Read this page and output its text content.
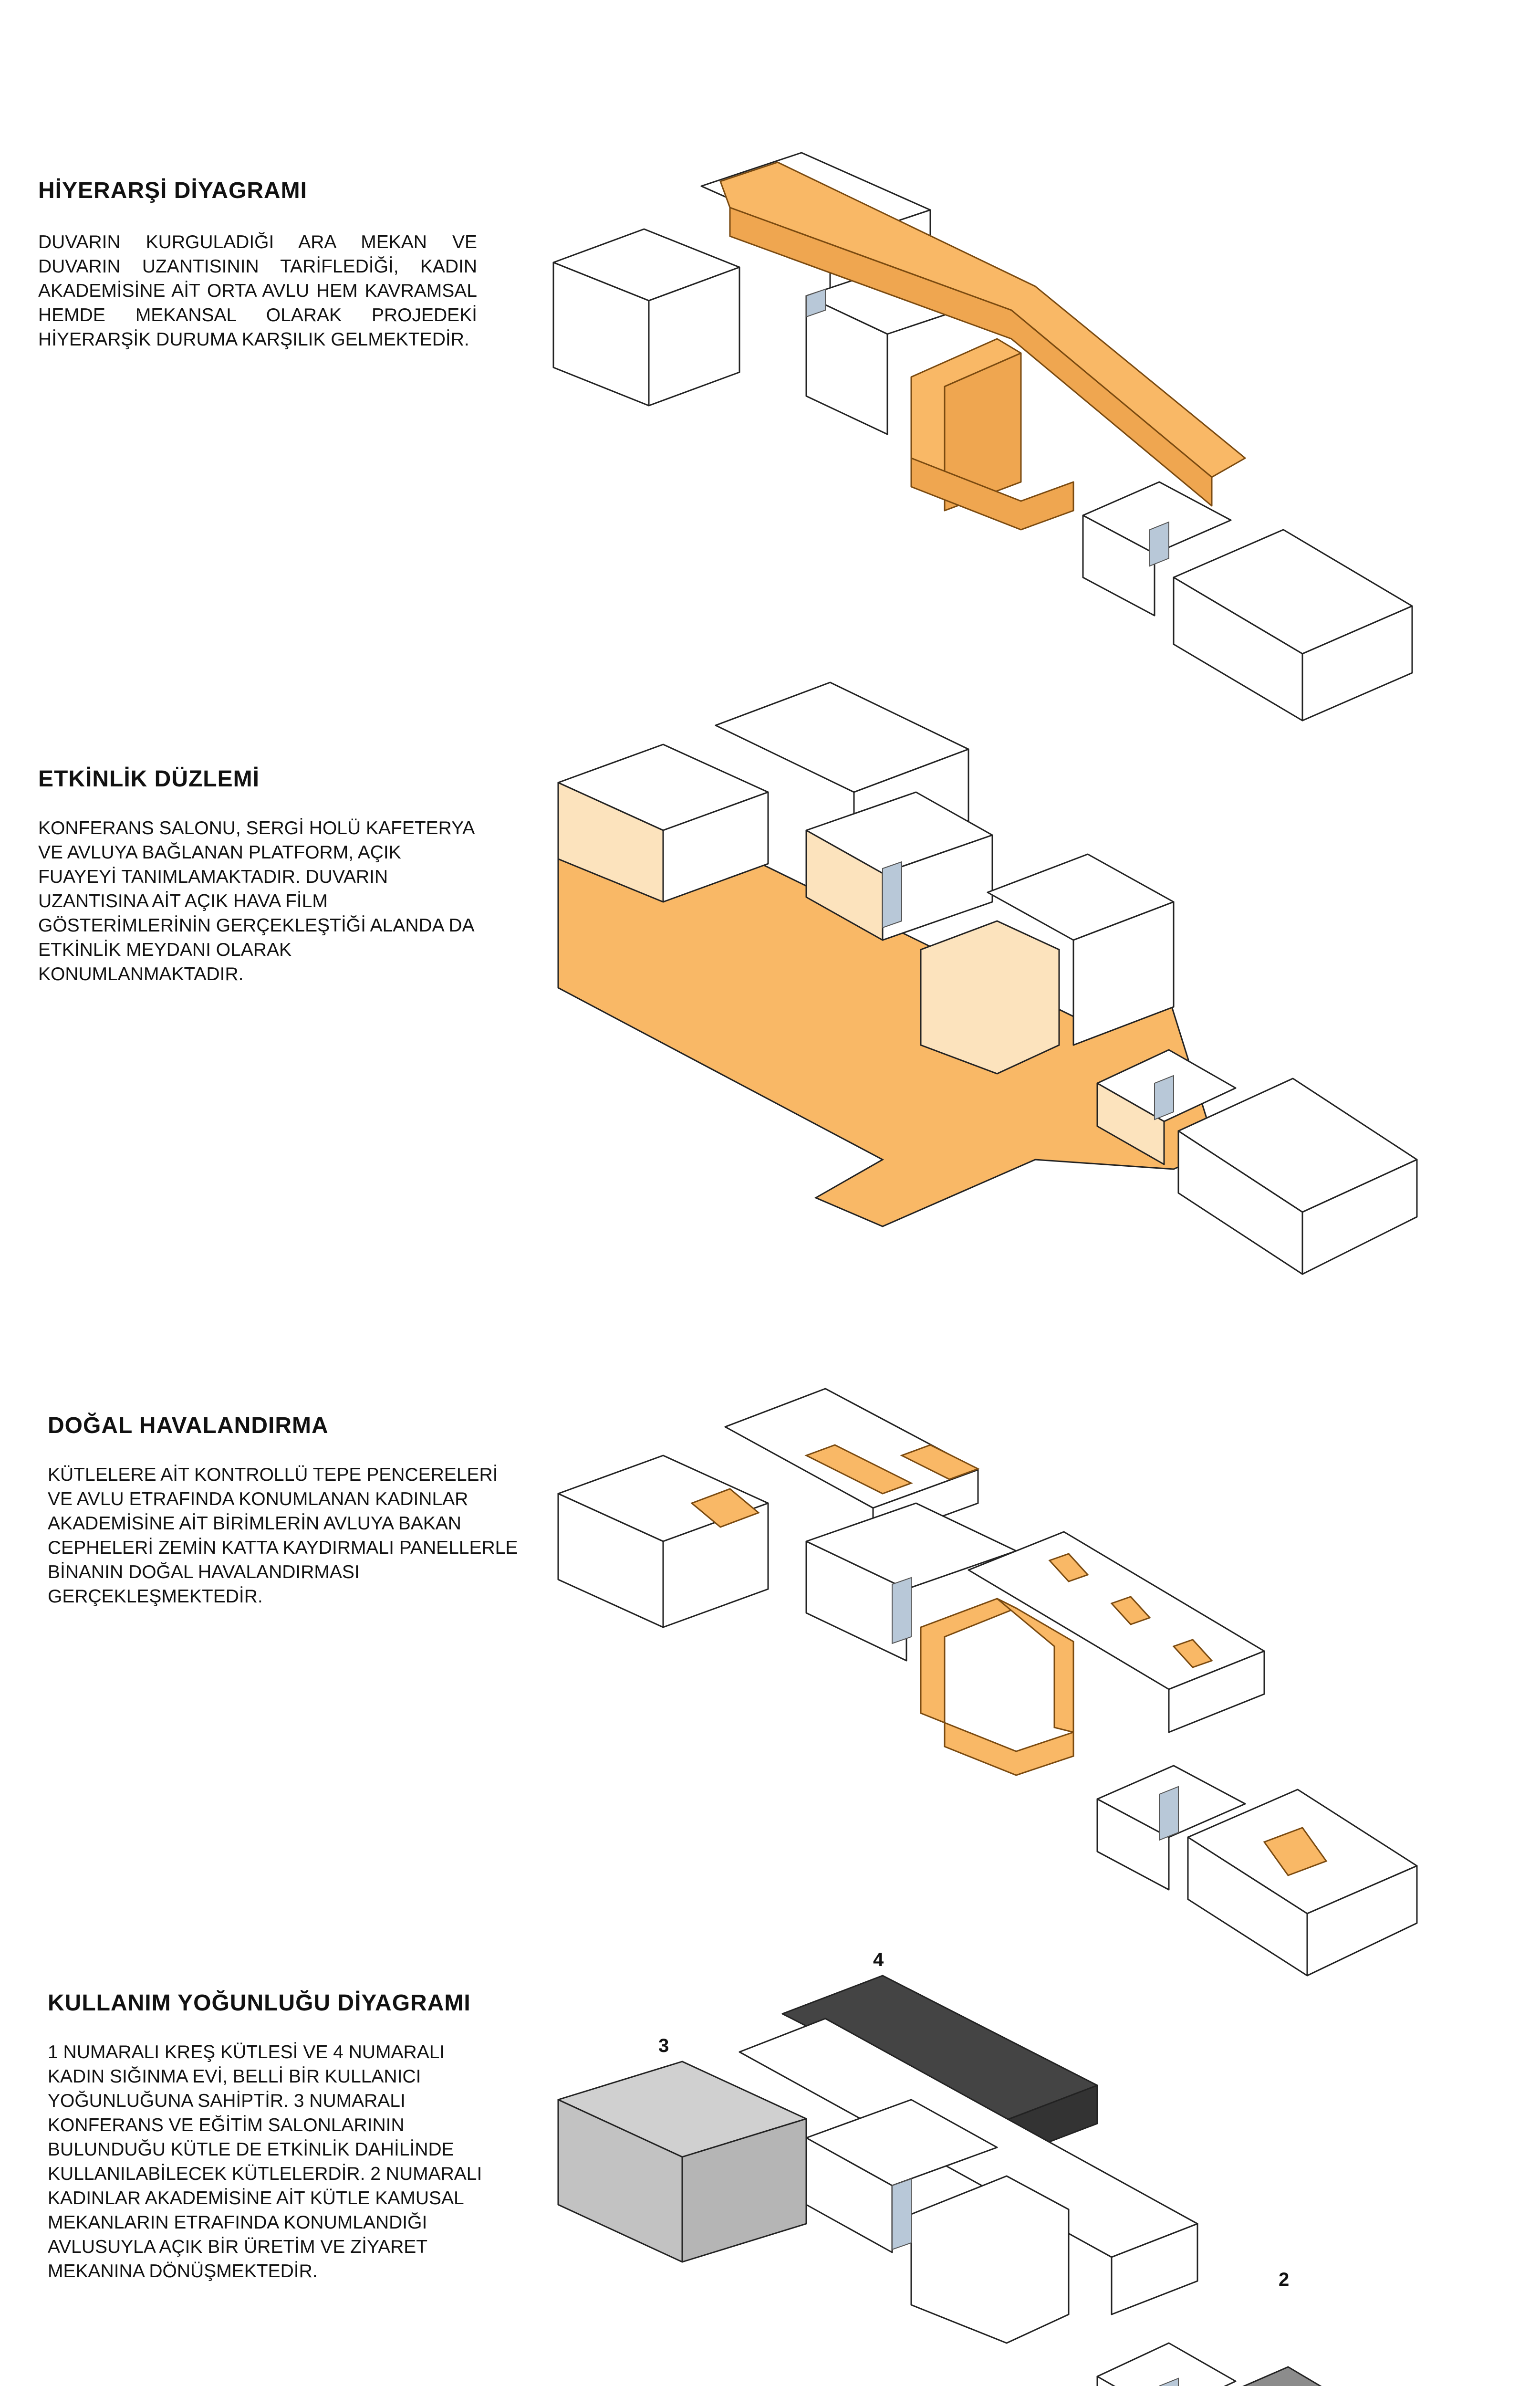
HİYERARŞİ DİYAGRAMI

DUVARIN KURGULADIĞI ARA MEKAN VE DUVARIN UZANTISININ TARİFLEDİĞİ, KADIN AKADEMİSİNE AİT ORTA AVLU HEM KAVRAMSAL HEMDE MEKANSAL OLARAK PROJEDEKİ HİYERARŞİK DURUMA KARŞILIK GELMEKTEDİR.

ETKİNLİK DÜZLEMİ

KONFERANS SALONU, SERGİ HOLÜ KAFETERYA VE AVLUYA BAĞLANAN PLATFORM, AÇIK FUAYEYİ TANIMLAMAKTADIR. DUVARIN UZANTISINA AİT AÇIK HAVA FİLM GÖSTERİMLERİNİN GERÇEKLEŞTİĞİ ALANDA DA ETKİNLİK MEYDANI OLARAK KONUMLANMAKTADIR.

DOĞAL HAVALANDIRMA

KÜTLELERE AİT KONTROLLÜ TEPE PENCERELERİ VE AVLU ETRAFINDA KONUMLANAN KADINLAR AKADEMİSİNE AİT BİRİMLERİN AVLUYA BAKAN CEPHELERİ ZEMİN KATTA KAYDIRMALI PANELLERLE BİNANIN DOĞAL HAVALANDIRMASI GERÇEKLEŞMEKTEDİR.

KULLANIM YOĞUNLUĞU DİYAGRAMI

1 NUMARALI KREŞ KÜTLESİ VE 4 NUMARALI KADIN SIĞINMA EVİ, BELLİ BİR KULLANICI YOĞUNLUĞUNA SAHİPTİR. 3 NUMARALI KONFERANS VE EĞİTİM SALONLARININ BULUNDUĞU KÜTLE DE ETKİNLİK DAHİLİNDE KULLANILABİLECEK KÜTLELERDİR. 2 NUMARALI KADINLAR AKADEMİSİNE AİT KÜTLE KAMUSAL MEKANLARIN ETRAFINDA KONUMLANDIĞI AVLUSUYLA AÇIK BİR ÜRETİM VE ZİYARET MEKANINA DÖNÜŞMEKTEDİR.

4
3
2
